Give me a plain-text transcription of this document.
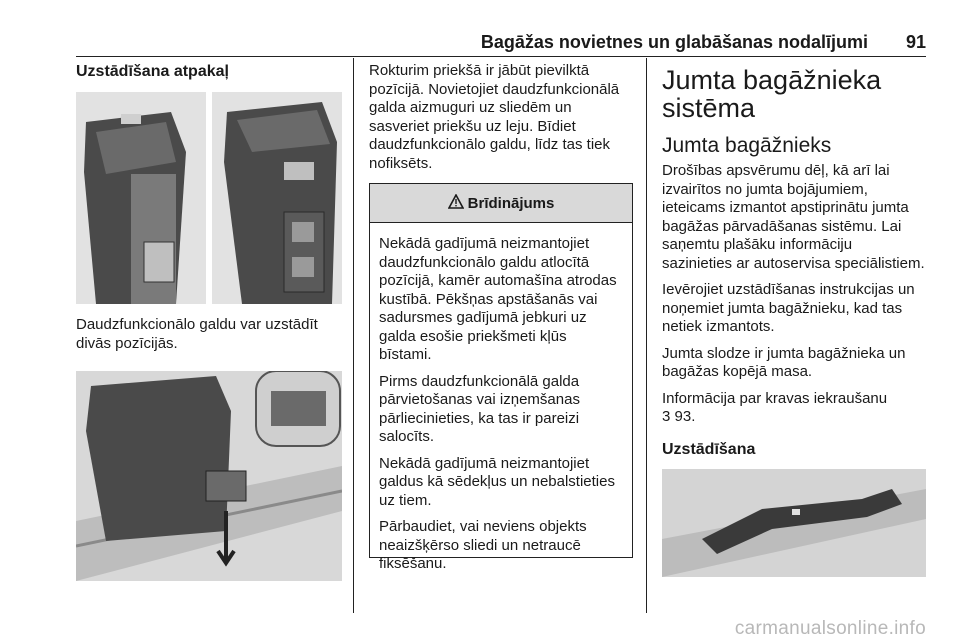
Bagāžas novietnes un glabāšanas nodalījumi 91
Uzstādīšana atpakaļ

Daudzfunkcionālo galdu var uzstādīt divās pozīcijās.

Rokturim priekšā ir jābūt pievilktā pozīcijā. Novietojiet daudzfunkcionālā galda aizmuguri uz sliedēm un sasveriet priekšu uz leju. Bīdiet daudzfunkcionālo galdu, līdz tas tiek nofiksēts.

Brīdinājums

Nekādā gadījumā neizmantojiet daudzfunkcionālo galdu atlocītā pozīcijā, kamēr automašīna atrodas kustībā. Pēkšņas apstāšanās vai sadursmes gadījumā jebkuri uz galda esošie priekšmeti kļūs bīstami.

Pirms daudzfunkcionālā galda pārvietošanas vai izņemšanas pārliecinieties, ka tas ir pareizi salocīts.

Nekādā gadījumā neizmantojiet galdus kā sēdekļus un nebalstieties uz tiem.

Pārbaudiet, vai neviens objekts neaizšķērso sliedi un netraucē fiksēšanu.

Jumta bagāžnieka sistēma
Jumta bagāžnieks

Drošības apsvērumu dēļ, kā arī lai izvairītos no jumta bojājumiem, ieteicams izmantot apstiprinātu jumta bagāžas pārvadāšanas sistēmu. Lai saņemtu plašāku informāciju sazinieties ar autoservisa speciālistiem.

Ievērojiet uzstādīšanas instrukcijas un noņemiet jumta bagāžnieku, kad tas netiek izmantots.

Jumta slodze ir jumta bagāžnieka un bagāžas kopējā masa.

Informācija par kravas iekraušanu
3 93.

Uzstādīšana
carmanualsonline.info
